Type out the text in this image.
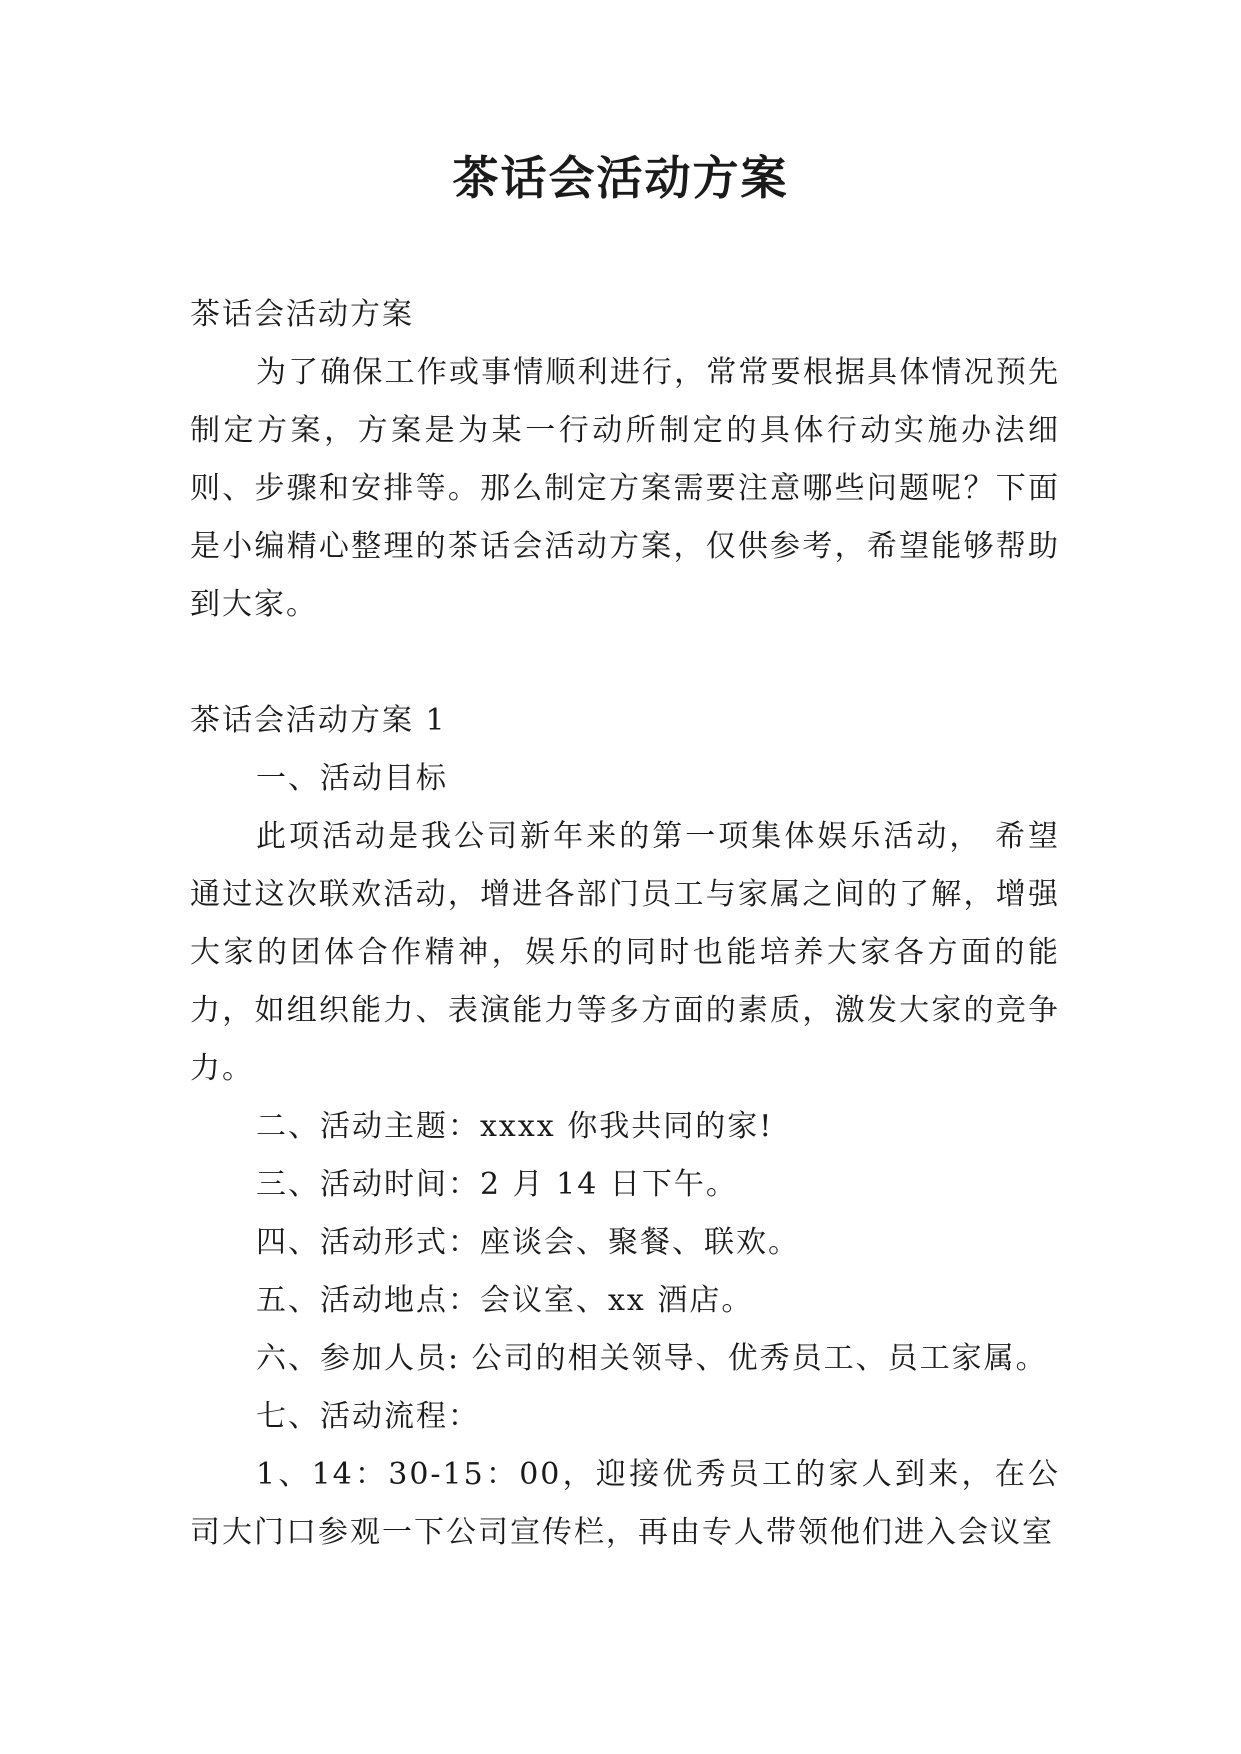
茶话会活动方案

茶话会活动方案

为了确保工作或事情顺利进行，常常要根据具体情况预先制定方案，方案是为某一行动所制定的具体行动实施办法细则、步骤和安排等。那么制定方案需要注意哪些问题呢？下面是小编精心整理的茶话会活动方案，仅供参考，希望能够帮助到大家。

茶话会活动方案 1

一、活动目标

此项活动是我公司新年来的第一项集体娱乐活动， 希望通过这次联欢活动，增进各部门员工与家属之间的了解，增强大家的团体合作精神，娱乐的同时也能培养大家各方面的能力，如组织能力、表演能力等多方面的素质，激发大家的竞争力。

二、活动主题：xxxx 你我共同的家!

三、活动时间：2 月 14 日下午。

四、活动形式：座谈会、聚餐、联欢。

五、活动地点：会议室、xx 酒店。

六、参加人员: 公司的相关领导、优秀员工、员工家属。

七、活动流程：

1、14：30-15：00，迎接优秀员工的家人到来，在公司大门口参观一下公司宣传栏，再由专人带领他们进入会议室
